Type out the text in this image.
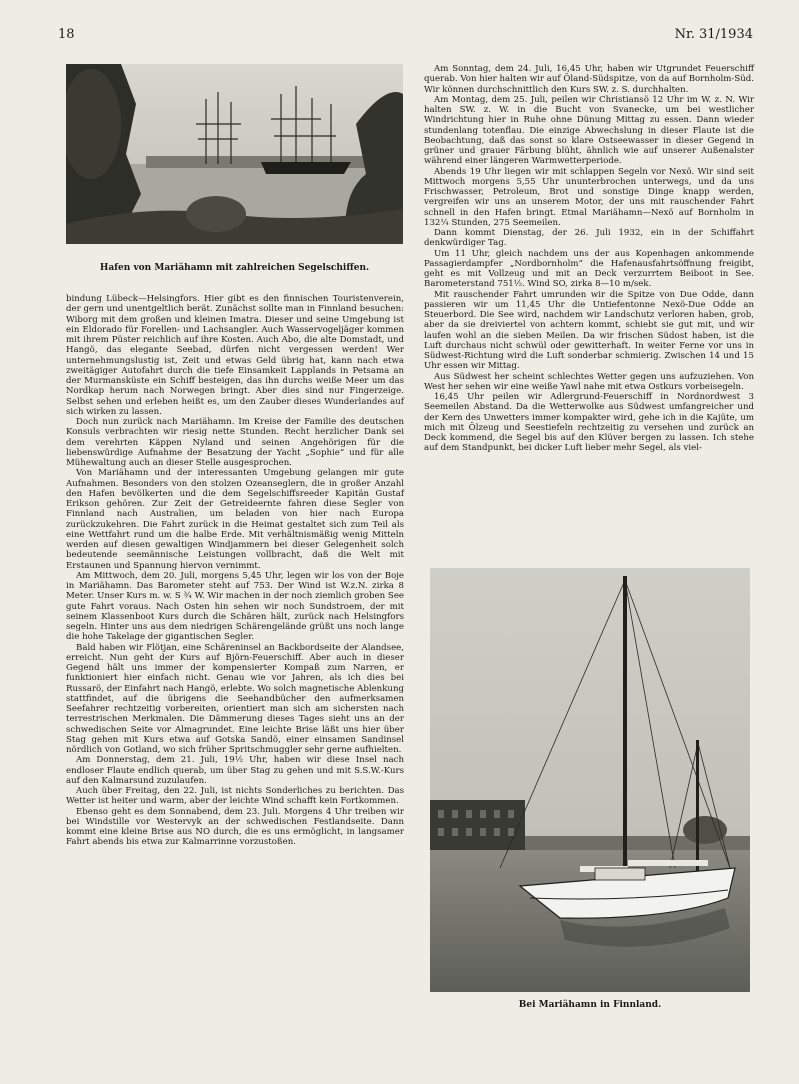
18	Nr. 31/1934
Hafen von Mariähamn mit zahlreichen Segelschiffen.

bindung Lübeck—Helsingfors. Hier gibt es den finnischen Touristenverein, der gern und unentgeltlich berät. Zunächst sollte man in Finnland besuchen: Wiborg mit dem großen und kleinen Imatra. Dieser und seine Umgebung ist ein Eldorado für Forellen- und Lachsangler. Auch Wasservogeljäger kommen mit ihrem Püster reichlich auf ihre Kosten. Auch Abo, die alte Domstadt, und Hangö, das elegante Seebad, dürfen nicht vergessen werden! Wer unternehmungslustig ist, Zeit und etwas Geld übrig hat, kann nach etwa zweitägiger Autofahrt durch die tiefe Einsamkeit Lapplands in Petsama an der Murmansküste ein Schiff besteigen, das ihn durchs weiße Meer um das Nordkap herum nach Norwegen bringt. Aber dies sind nur Fingerzeige. Selbst sehen und erleben heißt es, um den Zauber dieses Wunderlandes auf sich wirken zu lassen.

Doch nun zurück nach Mariähamn. Im Kreise der Familie des deutschen Konsuls verbrachten wir riesig nette Stunden. Recht herzlicher Dank sei dem verehrten Käppen Nyland und seinen Angehörigen für die liebenswürdige Aufnahme der Besatzung der Yacht „Sophie“ und für alle Mühewaltung auch an dieser Stelle ausgesprochen.

Von Mariähamn und der interessanten Umgebung gelangen mir gute Aufnahmen. Besonders von den stolzen Ozeanseglern, die in großer Anzahl den Hafen bevölkerten und die dem Segelschiffsreeder Kapitän Gustaf Erikson gehören. Zur Zeit der Getreideernte fahren diese Segler von Finnland nach Australien, um beladen von hier nach Europa zurückzukehren. Die Fahrt zurück in die Heimat gestaltet sich zum Teil als eine Wettfahrt rund um die halbe Erde. Mit verhältnismäßig wenig Mitteln werden auf diesen gewaltigen Windjammern bei dieser Gelegenheit solch bedeutende seemännische Leistungen vollbracht, daß die Welt mit Erstaunen und Spannung hiervon vernimmt.

Am Mittwoch, dem 20. Juli, morgens 5,45 Uhr, legen wir los von der Boje in Mariähamn. Das Barometer steht auf 753. Der Wind ist W.z.N. zirka 8 Meter. Unser Kurs m. w. S ¾ W. Wir machen in der noch ziemlich groben See gute Fahrt voraus. Nach Osten hin sehen wir noch Sundstroem, der mit seinem Klassenboot Kurs durch die Schären hält, zurück nach Helsingfors segeln. Hinter uns aus dem niedrigen Schärengelände grüßt uns noch lange die hohe Takelage der gigantischen Segler.

Bald haben wir Flötjan, eine Schäreninsel an Backbordseite der Alandsee, erreicht. Nun geht der Kurs auf Björn-Feuerschiff. Aber auch in dieser Gegend hält uns immer der kompensierter Kompaß zum Narren, er funktioniert hier einfach nicht. Genau wie vor Jahren, als ich dies bei Russarö, der Einfahrt nach Hangö, erlebte. Wo solch magnetische Ablenkung stattfindet, auf die übrigens die Seehandbücher den aufmerksamen Seefahrer rechtzeitig vorbereiten, orientiert man sich am sichersten nach terrestrischen Merkmalen. Die Dämmerung dieses Tages sieht uns an der schwedischen Seite vor Almagrundet. Eine leichte Brise läßt uns hier über Stag gehen mit Kurs etwa auf Gotska Sandö, einer einsamen Sandinsel nördlich von Gotland, wo sich früher Spritschmuggler sehr gerne aufhielten.

Am Donnerstag, dem 21. Juli, 19½ Uhr, haben wir diese Insel nach endloser Flaute endlich querab, um über Stag zu gehen und mit S.S.W.-Kurs auf den Kalmarsund zuzulaufen.

Auch über Freitag, den 22. Juli, ist nichts Sonderliches zu berichten. Das Wetter ist heiter und warm, aber der leichte Wind schafft kein Fortkommen.

Ebenso geht es dem Sonnabend, dem 23. Juli. Morgens 4 Uhr treiben wir bei Windstille vor Westervyk an der schwedischen Festlandseite. Dann kommt eine kleine Brise aus NO durch, die es uns ermöglicht, in langsamer Fahrt abends bis etwa zur Kalmarrinne vorzustoßen.

Am Sonntag, dem 24. Juli, 16,45 Uhr, haben wir Utgrundet Feuerschiff querab. Von hier halten wir auf Öland-Südspitze, von da auf Bornholm-Süd. Wir können durchschnittlich den Kurs SW. z. S. durchhalten.

Am Montag, dem 25. Juli, peilen wir Christiansö 12 Uhr im W. z. N. Wir halten SW. z. W. in die Bucht von Svanecke, um bei westlicher Windrichtung hier in Ruhe ohne Dünung Mittag zu essen. Dann wieder stundenlang totenflau. Die einzige Abwechslung in dieser Flaute ist die Beobachtung, daß das sonst so klare Ostseewasser in dieser Gegend in grüner und grauer Färbung blüht, ähnlich wie auf unserer Außenalster während einer längeren Warmwetterperiode.

Abends 19 Uhr liegen wir mit schlappen Segeln vor Nexö. Wir sind seit Mittwoch morgens 5,55 Uhr ununterbrochen unterwegs, und da uns Frischwasser, Petroleum, Brot und sonstige Dinge knapp werden, vergreifen wir uns an unserem Motor, der uns mit rauschender Fahrt schnell in den Hafen bringt. Etmal Mariähamn—Nexö auf Bornholm in 132¼ Stunden, 275 Seemeilen.

Dann kommt Dienstag, der 26. Juli 1932, ein in der Schiffahrt denkwürdiger Tag.

Um 11 Uhr, gleich nachdem uns der aus Kopenhagen ankommende Passagierdampfer „Nordbornholm“ die Hafenausfahrtsöffnung freigibt, geht es mit Vollzeug und mit an Deck verzurrtem Beiboot in See. Barometerstand 751½. Wind SO, zirka 8—10 m/sek.

Mit rauschender Fahrt umrunden wir die Spitze von Due Odde, dann passieren wir um 11,45 Uhr die Untiefentonne Nexö-Due Odde an Steuerbord. Die See wird, nachdem wir Landschutz verloren haben, grob, aber da sie dreiviertel von achtern kommt, schiebt sie gut mit, und wir laufen wohl an die sieben Meilen. Da wir frischen Südost haben, ist die Luft durchaus nicht schwül oder gewitterhaft. In weiter Ferne vor uns in Südwest-Richtung wird die Luft sonderbar schmierig. Zwischen 14 und 15 Uhr essen wir Mittag.

Aus Südwest her scheint schlechtes Wetter gegen uns aufzuziehen. Von West her sehen wir eine weiße Yawl nahe mit etwa Ostkurs vorbeisegeln.

16,45 Uhr peilen wir Adlergrund-Feuerschiff in Nordnordwest 3 Seemeilen Abstand. Da die Wetterwolke aus Südwest umfangreicher und der Kern des Unwetters immer kompakter wird, gehe ich in die Kajüte, um mich mit Ölzeug und Seestiefeln rechtzeitig zu versehen und zurück an Deck kommend, die Segel bis auf den Klüver bergen zu lassen. Ich stehe auf dem Standpunkt, bei dicker Luft lieber mehr Segel, als viel-

Bei Mariähamn in Finnland.
